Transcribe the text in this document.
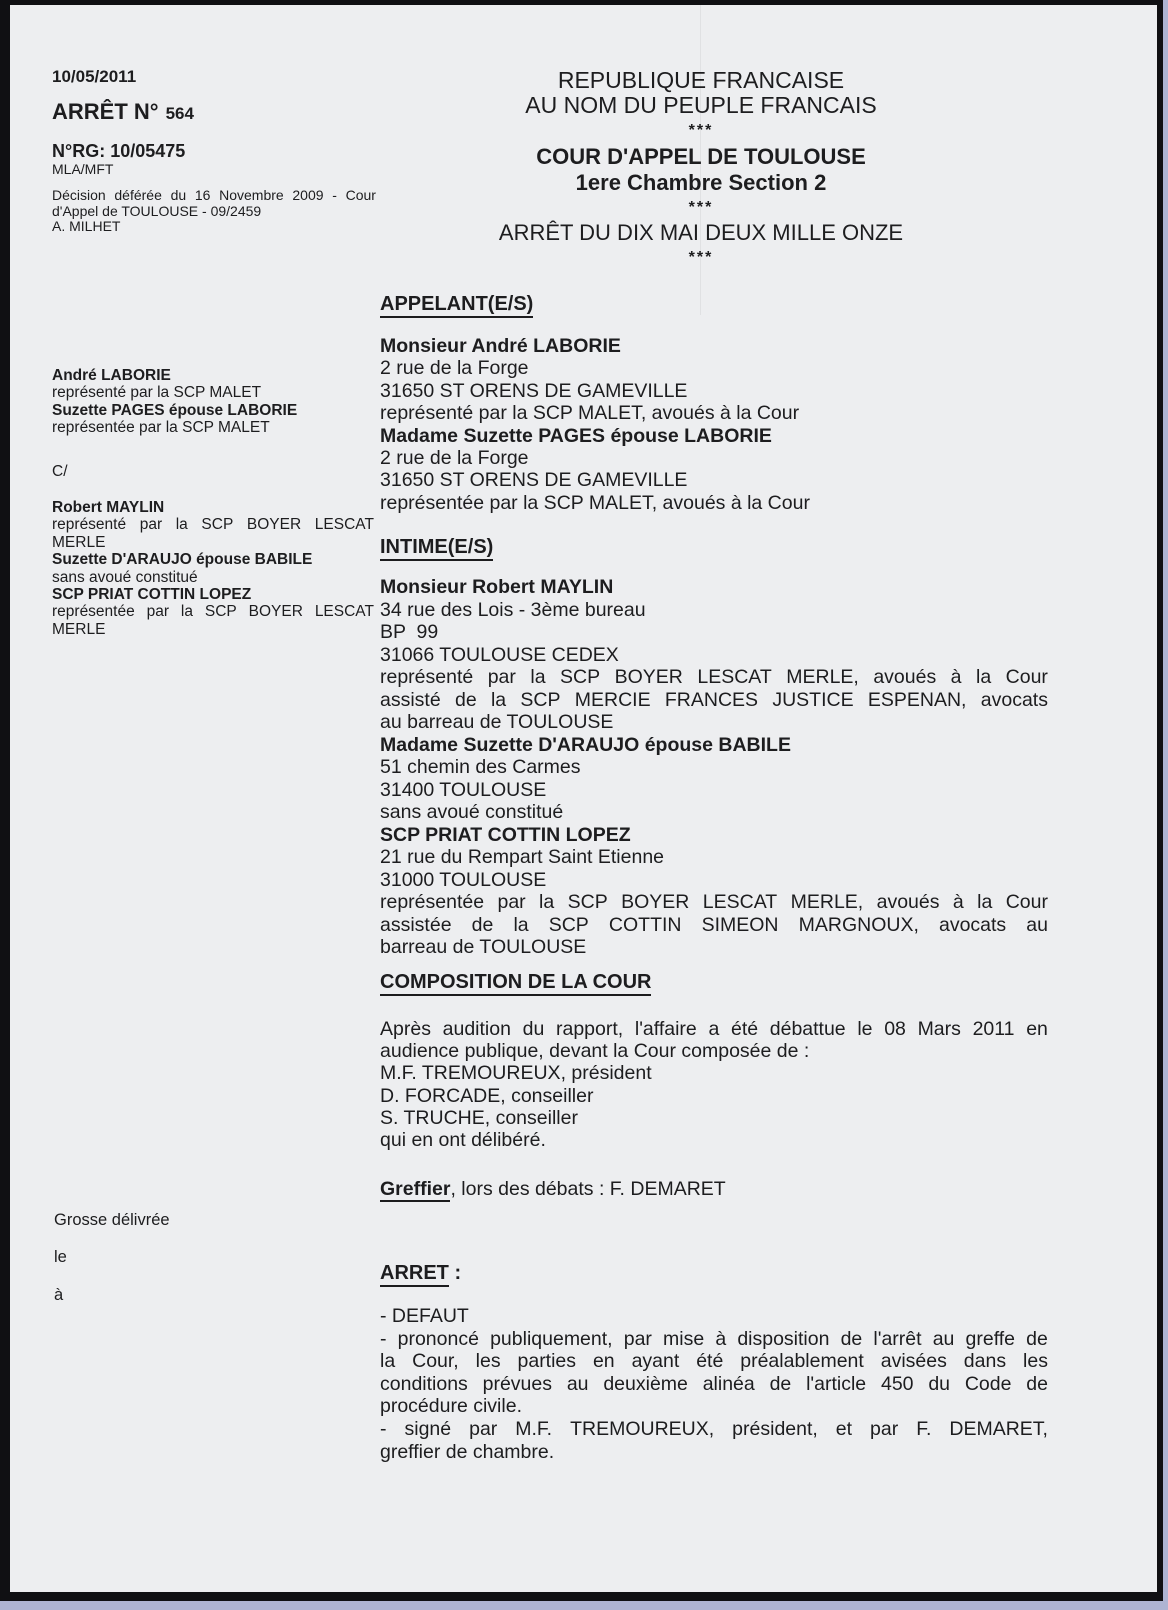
10/05/2011
ARRÊT N° 564
N°RG: 10/05475
MLA/MFT
Décision déférée du 16 Novembre 2009 - Cour
d'Appel de TOULOUSE - 09/2459
A. MILHET
REPUBLIQUE FRANCAISE
AU NOM DU PEUPLE FRANCAIS
***
COUR D'APPEL DE TOULOUSE
1ere Chambre Section 2
***
ARRÊT DU DIX MAI DEUX MILLE ONZE
***
André LABORIE
représenté par la SCP MALET
Suzette PAGES épouse LABORIE
représentée par la SCP MALET
C/
Robert MAYLIN
représenté par la SCP BOYER LESCAT
MERLE
Suzette D'ARAUJO épouse BABILE
sans avoué constitué
SCP PRIAT COTTIN LOPEZ
représentée par la SCP BOYER LESCAT
MERLE
Grosse délivrée
le
à
APPELANT(E/S)
Monsieur André LABORIE
2 rue de la Forge
31650 ST ORENS DE GAMEVILLE
représenté par la SCP MALET, avoués à la Cour
Madame Suzette PAGES épouse LABORIE
2 rue de la Forge
31650 ST ORENS DE GAMEVILLE
représentée par la SCP MALET, avoués à la Cour
INTIME(E/S)
Monsieur Robert MAYLIN
34 rue des Lois - 3ème bureau
BP  99
31066 TOULOUSE CEDEX
représenté par la SCP BOYER LESCAT MERLE, avoués à la Cour
assisté de la SCP MERCIE FRANCES JUSTICE ESPENAN, avocats
au barreau de TOULOUSE
Madame Suzette D'ARAUJO épouse BABILE
51 chemin des Carmes
31400 TOULOUSE
sans avoué constitué
SCP PRIAT COTTIN LOPEZ
21 rue du Rempart Saint Etienne
31000 TOULOUSE
représentée par la SCP BOYER LESCAT MERLE, avoués à la Cour
assistée de la SCP COTTIN SIMEON MARGNOUX, avocats au
barreau de TOULOUSE
COMPOSITION DE LA COUR
Après audition du rapport, l'affaire a été débattue le 08 Mars 2011 en
audience publique, devant la Cour composée de :
M.F. TREMOUREUX, président
D. FORCADE, conseiller
S. TRUCHE, conseiller
qui en ont délibéré.
Greffier, lors des débats : F. DEMARET
ARRET :
- DEFAUT
- prononcé publiquement, par mise à disposition de l'arrêt au greffe de
la Cour, les parties en ayant été préalablement avisées dans les
conditions prévues au deuxième alinéa de l'article 450 du Code de
procédure civile.
- signé par M.F. TREMOUREUX, président, et par F. DEMARET,
greffier de chambre.
